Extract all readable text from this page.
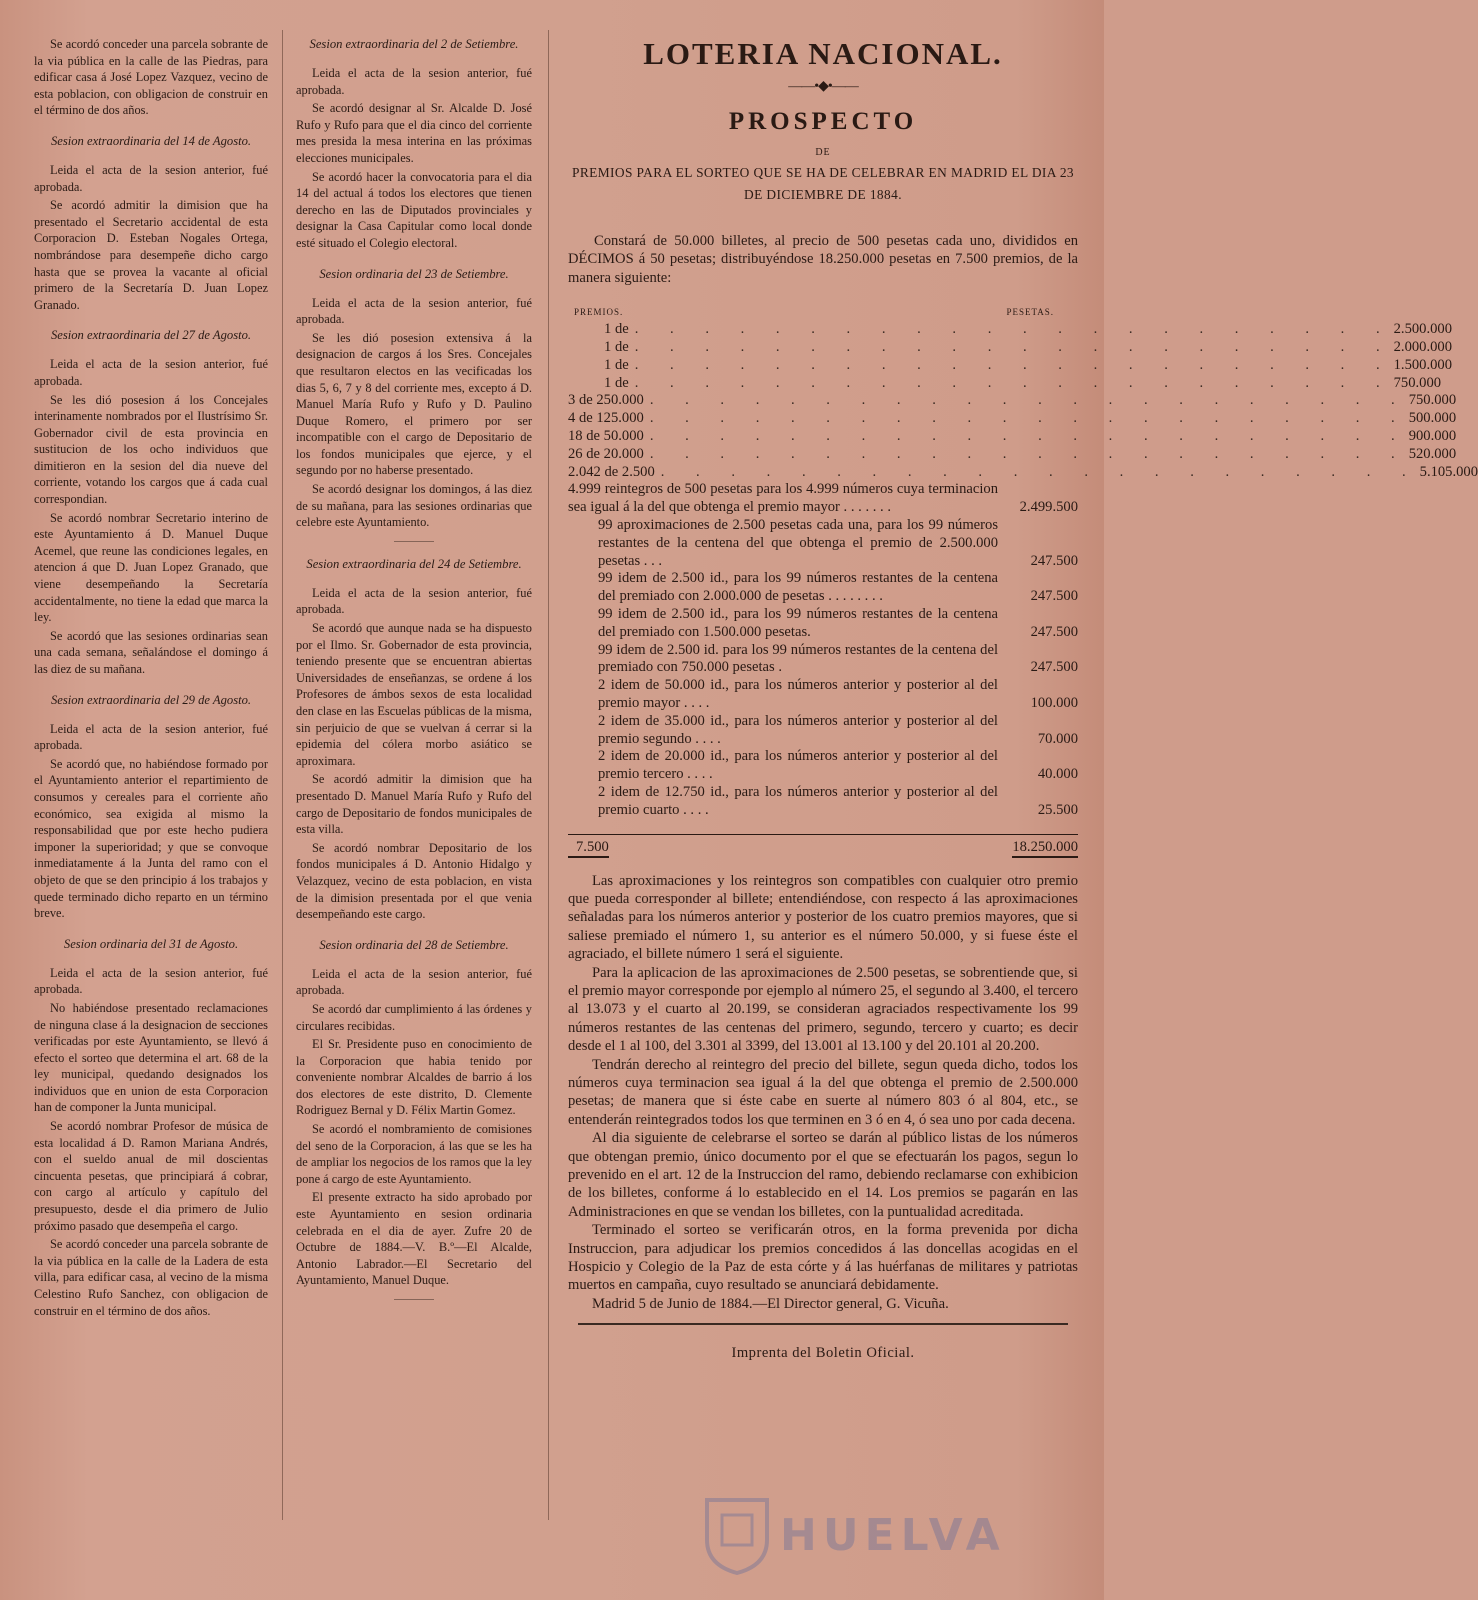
Se acordó conceder una parcela sobrante de la via pública en la calle de las Piedras, para edificar casa á José Lopez Vazquez, vecino de esta poblacion, con obligacion de construir en el término de dos años.

Sesion extraordinaria del 14 de Agosto.

Leida el acta de la sesion anterior, fué aprobada.

Se acordó admitir la dimision que ha presentado el Secretario accidental de esta Corporacion D. Esteban Nogales Ortega, nombrándose para desempeñe dicho cargo hasta que se provea la vacante al oficial primero de la Secretaría D. Juan Lopez Granado.

Sesion extraordinaria del 27 de Agosto.

Leida el acta de la sesion anterior, fué aprobada.

Se les dió posesion á los Concejales interinamente nombrados por el Ilustrísimo Sr. Gobernador civil de esta provincia en sustitucion de los ocho individuos que dimitieron en la sesion del dia nueve del corriente, votando los cargos que á cada cual correspondian.

Se acordó nombrar Secretario interino de este Ayuntamiento á D. Manuel Duque Acemel, que reune las condiciones legales, en atencion á que D. Juan Lopez Granado, que viene desempeñando la Secretaría accidentalmente, no tiene la edad que marca la ley.

Se acordó que las sesiones ordinarias sean una cada semana, señalándose el domingo á las diez de su mañana.

Sesion extraordinaria del 29 de Agosto.

Leida el acta de la sesion anterior, fué aprobada.

Se acordó que, no habiéndose formado por el Ayuntamiento anterior el repartimiento de consumos y cereales para el corriente año económico, sea exigida al mismo la responsabilidad que por este hecho pudiera imponer la superioridad; y que se convoque inmediatamente á la Junta del ramo con el objeto de que se den principio á los trabajos y quede terminado dicho reparto en un término breve.

Sesion ordinaria del 31 de Agosto.

Leida el acta de la sesion anterior, fué aprobada.

No habiéndose presentado reclamaciones de ninguna clase á la designacion de secciones verificadas por este Ayuntamiento, se llevó á efecto el sorteo que determina el art. 68 de la ley municipal, quedando designados los individuos que en union de esta Corporacion han de componer la Junta municipal.

Se acordó nombrar Profesor de música de esta localidad á D. Ramon Mariana Andrés, con el sueldo anual de mil doscientas cincuenta pesetas, que principiará á cobrar, con cargo al artículo y capítulo del presupuesto, desde el dia primero de Julio próximo pasado que desempeña el cargo.

Se acordó conceder una parcela sobrante de la via pública en la calle de la Ladera de esta villa, para edificar casa, al vecino de la misma Celestino Rufo Sanchez, con obligacion de construir en el término de dos años.

Sesion extraordinaria del 2 de Setiembre.

Leida el acta de la sesion anterior, fué aprobada.

Se acordó designar al Sr. Alcalde D. José Rufo y Rufo para que el dia cinco del corriente mes presida la mesa interina en las próximas elecciones municipales.

Se acordó hacer la convocatoria para el dia 14 del actual á todos los electores que tienen derecho en las de Diputados provinciales y designar la Casa Capitular como local donde esté situado el Colegio electoral.

Sesion ordinaria del 23 de Setiembre.

Leida el acta de la sesion anterior, fué aprobada.

Se les dió posesion extensiva á la designacion de cargos á los Sres. Concejales que resultaron electos en las vecificadas los dias 5, 6, 7 y 8 del corriente mes, excepto á D. Manuel María Rufo y Rufo y D. Paulino Duque Romero, el primero por ser incompatible con el cargo de Depositario de los fondos municipales que ejerce, y el segundo por no haberse presentado.

Se acordó designar los domingos, á las diez de su mañana, para las sesiones ordinarias que celebre este Ayuntamiento.

Sesion extraordinaria del 24 de Setiembre.

Leida el acta de la sesion anterior, fué aprobada.

Se acordó que aunque nada se ha dispuesto por el Ilmo. Sr. Gobernador de esta provincia, teniendo presente que se encuentran abiertas Universidades de enseñanzas, se ordene á los Profesores de ámbos sexos de esta localidad den clase en las Escuelas públicas de la misma, sin perjuicio de que se vuelvan á cerrar si la epidemia del cólera morbo asiático se aproximara.

Se acordó admitir la dimision que ha presentado D. Manuel María Rufo y Rufo del cargo de Depositario de fondos municipales de esta villa.

Se acordó nombrar Depositario de los fondos municipales á D. Antonio Hidalgo y Velazquez, vecino de esta poblacion, en vista de la dimision presentada por el que venia desempeñando este cargo.

Sesion ordinaria del 28 de Setiembre.

Leida el acta de la sesion anterior, fué aprobada.

Se acordó dar cumplimiento á las órdenes y circulares recibidas.

El Sr. Presidente puso en conocimiento de la Corporacion que habia tenido por conveniente nombrar Alcaldes de barrio á los dos electores de este distrito, D. Clemente Rodriguez Bernal y D. Félix Martin Gomez.

Se acordó el nombramiento de comisiones del seno de la Corporacion, á las que se les ha de ampliar los negocios de los ramos que la ley pone á cargo de este Ayuntamiento.

El presente extracto ha sido aprobado por este Ayuntamiento en sesion ordinaria celebrada en el dia de ayer. Zufre 20 de Octubre de 1884.—V. B.º—El Alcalde, Antonio Labrador.—El Secretario del Ayuntamiento, Manuel Duque.

LOTERIA NACIONAL.
——•◆•——
PROSPECTO
DE

PREMIOS PARA EL SORTEO QUE SE HA DE CELEBRAR EN MADRID EL DIA 23 DE DICIEMBRE DE 1884.

Constará de 50.000 billetes, al precio de 500 pesetas cada uno, divididos en DÉCIMOS á 50 pesetas; distribuyéndose 18.250.000 pesetas en 7.500 premios, de la manera siguiente:

PREMIOS.	PESETAS.
1 de . . . . . . . . . . . . . . . . . . . . . . 2.500.000
1 de . . . . . . . . . . . . . . . . . . . . . . 2.000.000
1 de . . . . . . . . . . . . . . . . . . . . . . 1.500.000
1 de . . . . . . . . . . . . . . . . . . . . . . 750.000
3 de 250.000 . . . . . . . . . . . . . . . . . . . . . . 750.000
4 de 125.000 . . . . . . . . . . . . . . . . . . . . . . 500.000
18 de 50.000 . . . . . . . . . . . . . . . . . . . . . . 900.000
26 de 20.000 . . . . . . . . . . . . . . . . . . . . . . 520.000
2.042 de 2.500 . . . . . . . . . . . . . . . . . . . . . . 5.105.000
4.999 reintegros de 500 pesetas para los 4.999 números cuya terminacion sea igual á la del que obtenga el premio mayor . . . . . . .	2.499.500
99 aproximaciones de 2.500 pesetas cada una, para los 99 números restantes de la centena del que obtenga el premio de 2.500.000 pesetas . . .	247.500
99 idem de 2.500 id., para los 99 números restantes de la centena del premiado con 2.000.000 de pesetas . . . . . . . .	247.500
99 idem de 2.500 id., para los 99 números restantes de la centena del premiado con 1.500.000 pesetas.	247.500
99 idem de 2.500 id. para los 99 números restantes de la centena del premiado con 750.000 pesetas .	247.500
2 idem de 50.000 id., para los números anterior y posterior al del premio mayor . . . .	100.000
2 idem de 35.000 id., para los números anterior y posterior al del premio segundo . . . .	70.000
2 idem de 20.000 id., para los números anterior y posterior al del premio tercero . . . .	40.000
2 idem de 12.750 id., para los números anterior y posterior al del premio cuarto . . . .	25.500
7.500	18.250.000

Las aproximaciones y los reintegros son compatibles con cualquier otro premio que pueda corresponder al billete; entendiéndose, con respecto á las aproximaciones señaladas para los números anterior y posterior de los cuatro premios mayores, que si saliese premiado el número 1, su anterior es el número 50.000, y si fuese éste el agraciado, el billete número 1 será el siguiente.

Para la aplicacion de las aproximaciones de 2.500 pesetas, se sobrentiende que, si el premio mayor corresponde por ejemplo al número 25, el segundo al 3.400, el tercero al 13.073 y el cuarto al 20.199, se consideran agraciados respectivamente los 99 números restantes de las centenas del primero, segundo, tercero y cuarto; es decir desde el 1 al 100, del 3.301 al 3399, del 13.001 al 13.100 y del 20.101 al 20.200.

Tendrán derecho al reintegro del precio del billete, segun queda dicho, todos los números cuya terminacion sea igual á la del que obtenga el premio de 2.500.000 pesetas; de manera que si éste cabe en suerte al número 803 ó al 804, etc., se entenderán reintegrados todos los que terminen en 3 ó en 4, ó sea uno por cada decena.

Al dia siguiente de celebrarse el sorteo se darán al público listas de los números que obtengan premio, único documento por el que se efectuarán los pagos, segun lo prevenido en el art. 12 de la Instruccion del ramo, debiendo reclamarse con exhibicion de los billetes, conforme á lo establecido en el 14. Los premios se pagarán en las Administraciones en que se vendan los billetes, con la puntualidad acreditada.

Terminado el sorteo se verificarán otros, en la forma prevenida por dicha Instruccion, para adjudicar los premios concedidos á las doncellas acogidas en el Hospicio y Colegio de la Paz de esta córte y á las huérfanas de militares y patriotas muertos en campaña, cuyo resultado se anunciará debidamente.

Madrid 5 de Junio de 1884.—El Director general, G. Vicuña.

Imprenta del Boletin Oficial.
HUELVA
